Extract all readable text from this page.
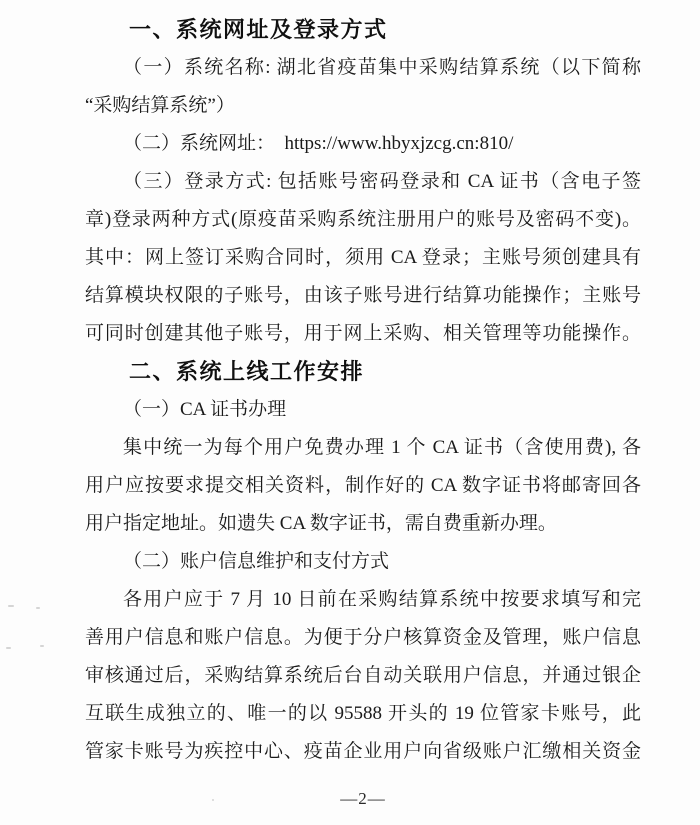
一、系统网址及登录方式
（一）系统名称: 湖北省疫苗集中采购结算系统（以下简称
“采购结算系统”）
（二）系统网址：  https://www.hbyxjzcg.cn:810/
（三）登录方式: 包括账号密码登录和 CA 证书（含电子签
章)登录两种方式(原疫苗采购系统注册用户的账号及密码不变)。
其中：网上签订采购合同时，须用 CA 登录；主账号须创建具有
结算模块权限的子账号，由该子账号进行结算功能操作；主账号
可同时创建其他子账号，用于网上采购、相关管理等功能操作。
二、系统上线工作安排
（一）CA 证书办理
集中统一为每个用户免费办理 1 个 CA 证书（含使用费), 各
用户应按要求提交相关资料，制作好的 CA 数字证书将邮寄回各
用户指定地址。如遗失 CA 数字证书，需自费重新办理。
（二）账户信息维护和支付方式
各用户应于 7 月 10 日前在采购结算系统中按要求填写和完
善用户信息和账户信息。为便于分户核算资金及管理，账户信息
审核通过后，采购结算系统后台自动关联用户信息，并通过银企
互联生成独立的、唯一的以 95588 开头的 19 位管家卡账号，此
管家卡账号为疾控中心、疫苗企业用户向省级账户汇缴相关资金
—2—
